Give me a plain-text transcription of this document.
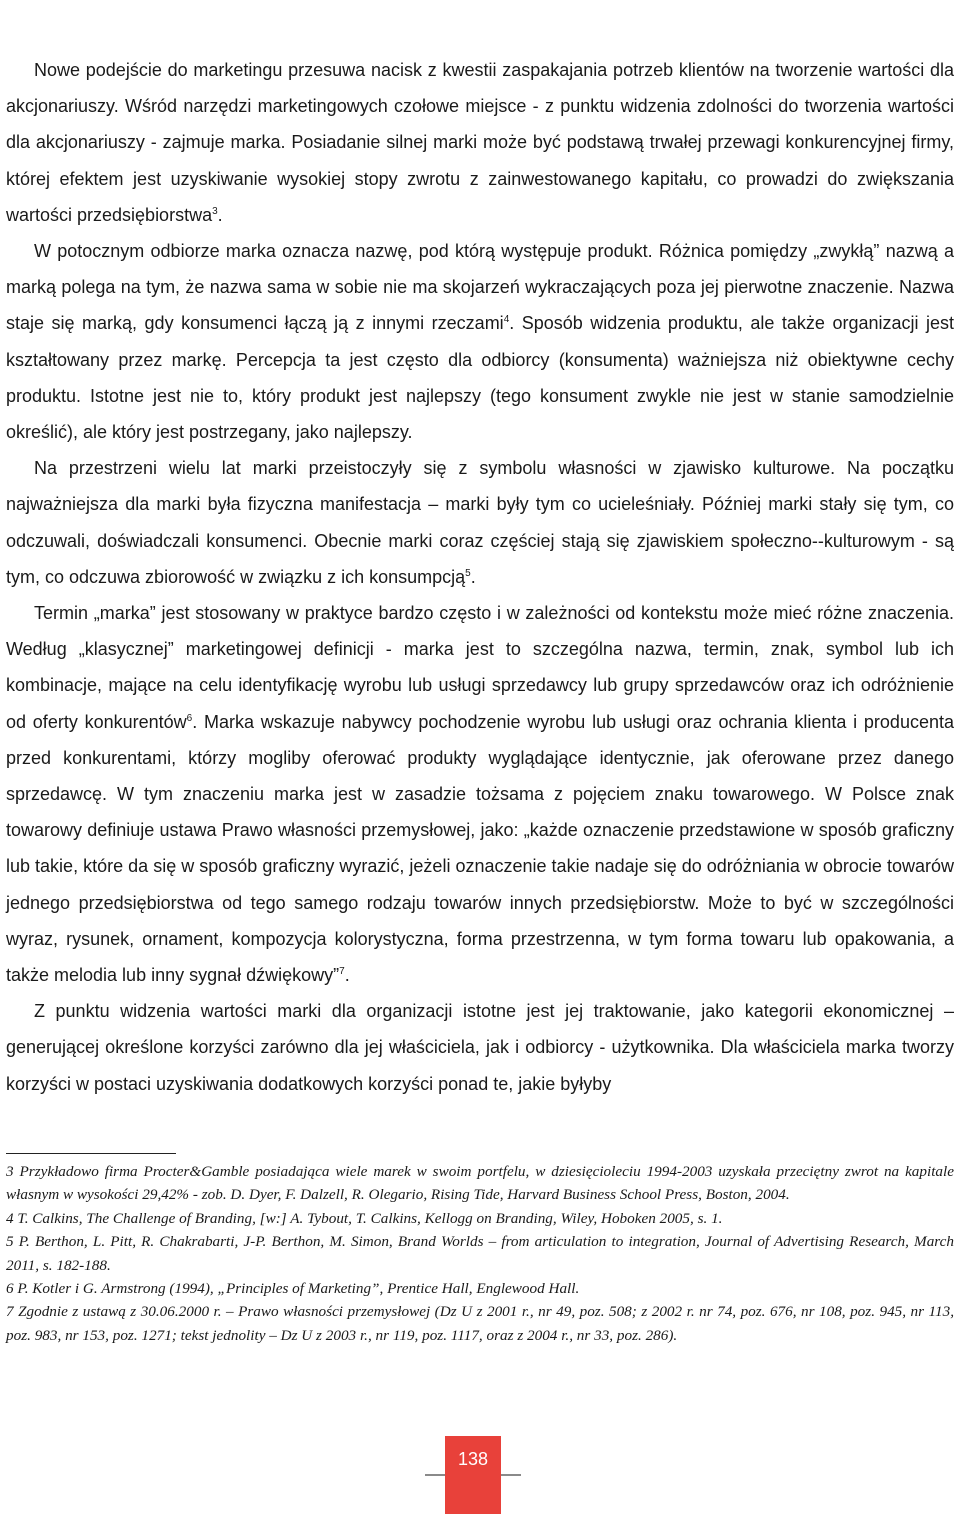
Nowe podejście do marketingu przesuwa nacisk z kwestii zaspakajania potrzeb klientów na tworzenie wartości dla akcjonariuszy. Wśród narzędzi marketingowych czołowe miejsce - z punktu widzenia zdolności do tworzenia wartości dla akcjonariuszy - zajmuje marka. Posiadanie silnej marki może być podstawą trwałej przewagi konkurencyjnej firmy, której efektem jest uzyskiwanie wysokiej stopy zwrotu z zainwestowanego kapitału, co prowadzi do zwiększania wartości przedsiębiorstwa$^3$.

W potocznym odbiorze marka oznacza nazwę, pod którą występuje produkt. Różnica pomiędzy „zwykłą” nazwą a marką polega na tym, że nazwa sama w sobie nie ma skojarzeń wykraczających poza jej pierwotne znaczenie. Nazwa staje się marką, gdy konsumenci łączą ją z innymi rzeczami$^4$. Sposób widzenia produktu, ale także organizacji jest kształtowany przez markę. Percepcja ta jest często dla odbiorcy (konsumenta) ważniejsza niż obiektywne cechy produktu. Istotne jest nie to, który produkt jest najlepszy (tego konsument zwykle nie jest w stanie samodzielnie określić), ale który jest postrzegany, jako najlepszy.

Na przestrzeni wielu lat marki przeistoczyły się z symbolu własności w zjawisko kulturowe. Na początku najważniejsza dla marki była fizyczna manifestacja – marki były tym co ucieleśniały. Później marki stały się tym, co odczuwali, doświadczali konsumenci. Obecnie marki coraz częściej stają się zjawiskiem społeczno--kulturowym - są tym, co odczuwa zbiorowość w związku z ich konsumpcją$^5$.

Termin „marka” jest stosowany w praktyce bardzo często i w zależności od kontekstu może mieć różne znaczenia. Według „klasycznej” marketingowej definicji - marka jest to szczególna nazwa, termin, znak, symbol lub ich kombinacje, mające na celu identyfikację wyrobu lub usługi sprzedawcy lub grupy sprzedawców oraz ich odróżnienie od oferty konkurentów$^6$. Marka wskazuje nabywcy pochodzenie wyrobu lub usługi oraz ochrania klienta i producenta przed konkurentami, którzy mogliby oferować produkty wyglądające identycznie, jak oferowane przez danego sprzedawcę. W tym znaczeniu marka jest w zasadzie tożsama z pojęciem znaku towarowego. W Polsce znak towarowy definiuje ustawa Prawo własności przemysłowej, jako: „każde oznaczenie przedstawione w sposób graficzny lub takie, które da się w sposób graficzny wyrazić, jeżeli oznaczenie takie nadaje się do odróżniania w obrocie towarów jednego przedsiębiorstwa od tego samego rodzaju towarów innych przedsiębiorstw. Może to być w szczególności wyraz, rysunek, ornament, kompozycja kolorystyczna, forma przestrzenna, w tym forma towaru lub opakowania, a także melodia lub inny sygnał dźwiękowy”$^7$.

Z punktu widzenia wartości marki dla organizacji istotne jest jej traktowanie, jako kategorii ekonomicznej – generującej określone korzyści zarówno dla jej właściciela, jak i odbiorcy - użytkownika. Dla właściciela marka tworzy korzyści w postaci uzyskiwania dodatkowych korzyści ponad te, jakie byłyby

3 Przykładowo firma Procter&Gamble posiadająca wiele marek w swoim portfelu, w dziesięcioleciu 1994-2003 uzyskała przeciętny zwrot na kapitale własnym w wysokości 29,42% - zob. D. Dyer, F. Dalzell, R. Olegario, Rising Tide, Harvard Business School Press, Boston, 2004.

4 T. Calkins, The Challenge of Branding, [w:] A. Tybout, T. Calkins, Kellogg on Branding, Wiley, Hoboken 2005, s. 1.

5 P. Berthon, L. Pitt, R. Chakrabarti, J-P. Berthon, M. Simon, Brand Worlds – from articulation to integration, Journal of Advertising Research, March 2011, s. 182-188.

6 P. Kotler i G. Armstrong (1994), „Principles of Marketing”, Prentice Hall, Englewood Hall.

7 Zgodnie z ustawą z 30.06.2000 r. – Prawo własności przemysłowej (Dz U z 2001 r., nr 49, poz. 508; z 2002 r. nr 74, poz. 676, nr 108, poz. 945, nr 113, poz. 983, nr 153, poz. 1271; tekst jednolity – Dz U z 2003 r., nr 119, poz. 1117, oraz z 2004 r., nr 33, poz. 286).

138
